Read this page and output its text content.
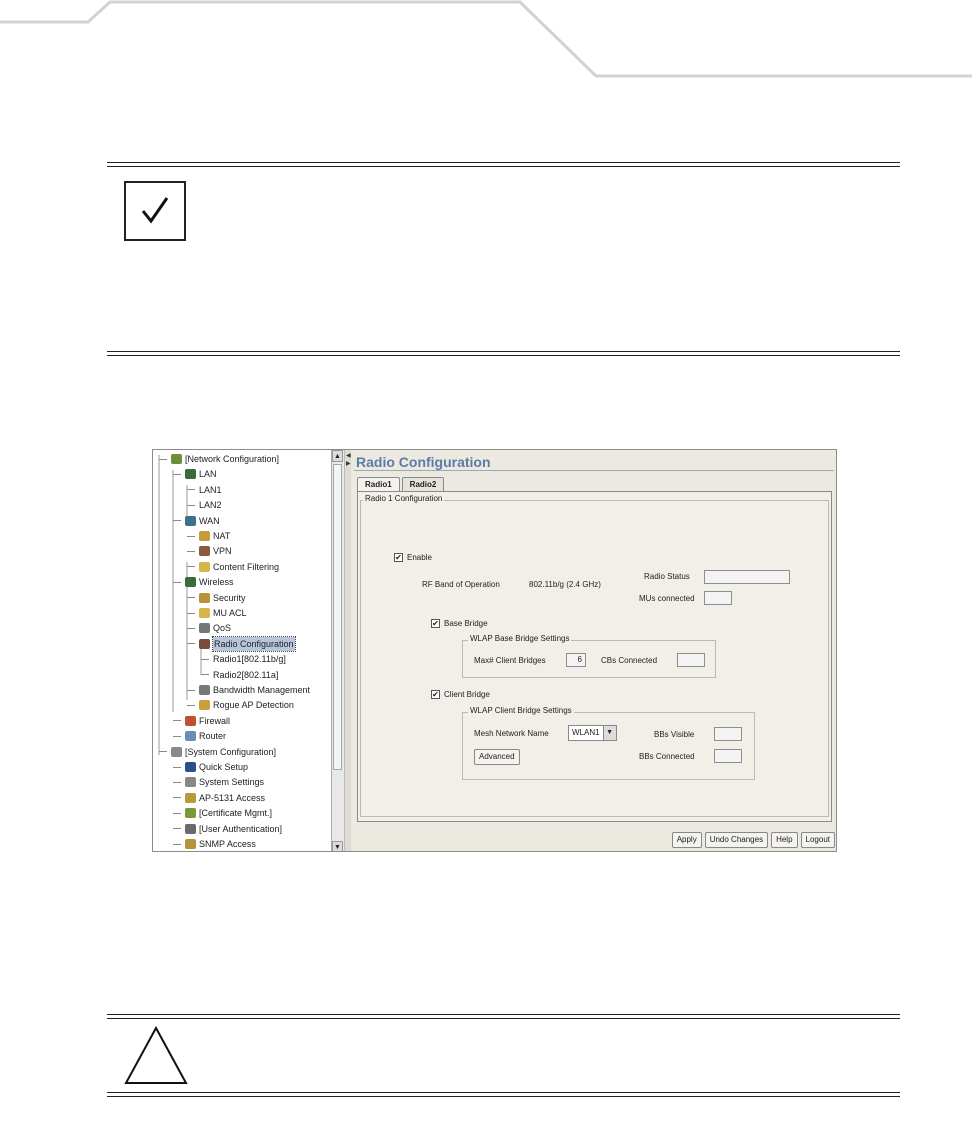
[Network Configuration]
LAN
LAN1
LAN2
WAN
NAT
VPN
Content Filtering
Wireless
Security
MU ACL
QoS
Radio Configuration
Radio1[802.11b/g]
Radio2[802.11a]
Bandwidth Management
Rogue AP Detection
Firewall
Router
[System Configuration]
Quick Setup
System Settings
AP-5131 Access
[Certificate Mgmt.]
[User Authentication]
SNMP Access
▲
▼
◀
▶ Radio Configuration
Radio1	Radio2
Radio 1 Configuration
✔ Enable
RF Band of Operation	802.11b/g (2.4 GHz)
Radio Status
MUs connected
✔ Base Bridge
WLAP Base Bridge Settings
Max# Client Bridges	6	CBs Connected
✔ Client Bridge
WLAP Client Bridge Settings
Mesh Network Name	WLAN1 ▼	BBs Visible
Advanced	BBs Connected
Apply	Undo Changes	Help	Logout
